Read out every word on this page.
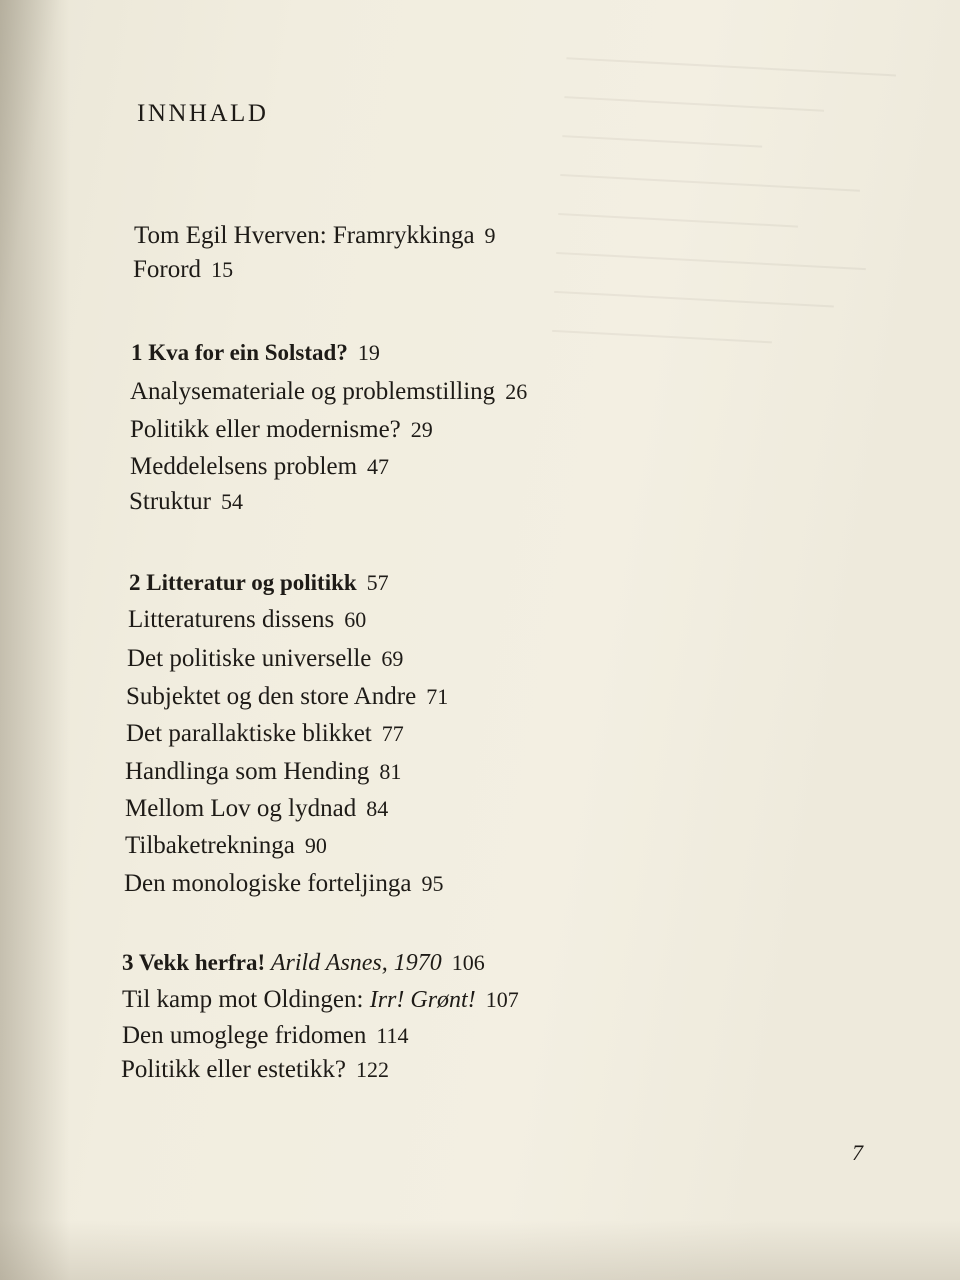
INNHALD
Tom Egil Hverven: Framrykkinga 9
Forord 15
1 Kva for ein Solstad? 19
Analysemateriale og problemstilling 26
Politikk eller modernisme? 29
Meddelelsens problem 47
Struktur 54
2 Litteratur og politikk 57
Litteraturens dissens 60
Det politiske universelle 69
Subjektet og den store Andre 71
Det parallaktiske blikket 77
Handlinga som Hending 81
Mellom Lov og lydnad 84
Tilbaketrekninga 90
Den monologiske forteljinga 95
3 Vekk herfra! Arild Asnes, 1970 106
Til kamp mot Oldingen: Irr! Grønt! 107
Den umoglege fridomen 114
Politikk eller estetikk? 122
7
